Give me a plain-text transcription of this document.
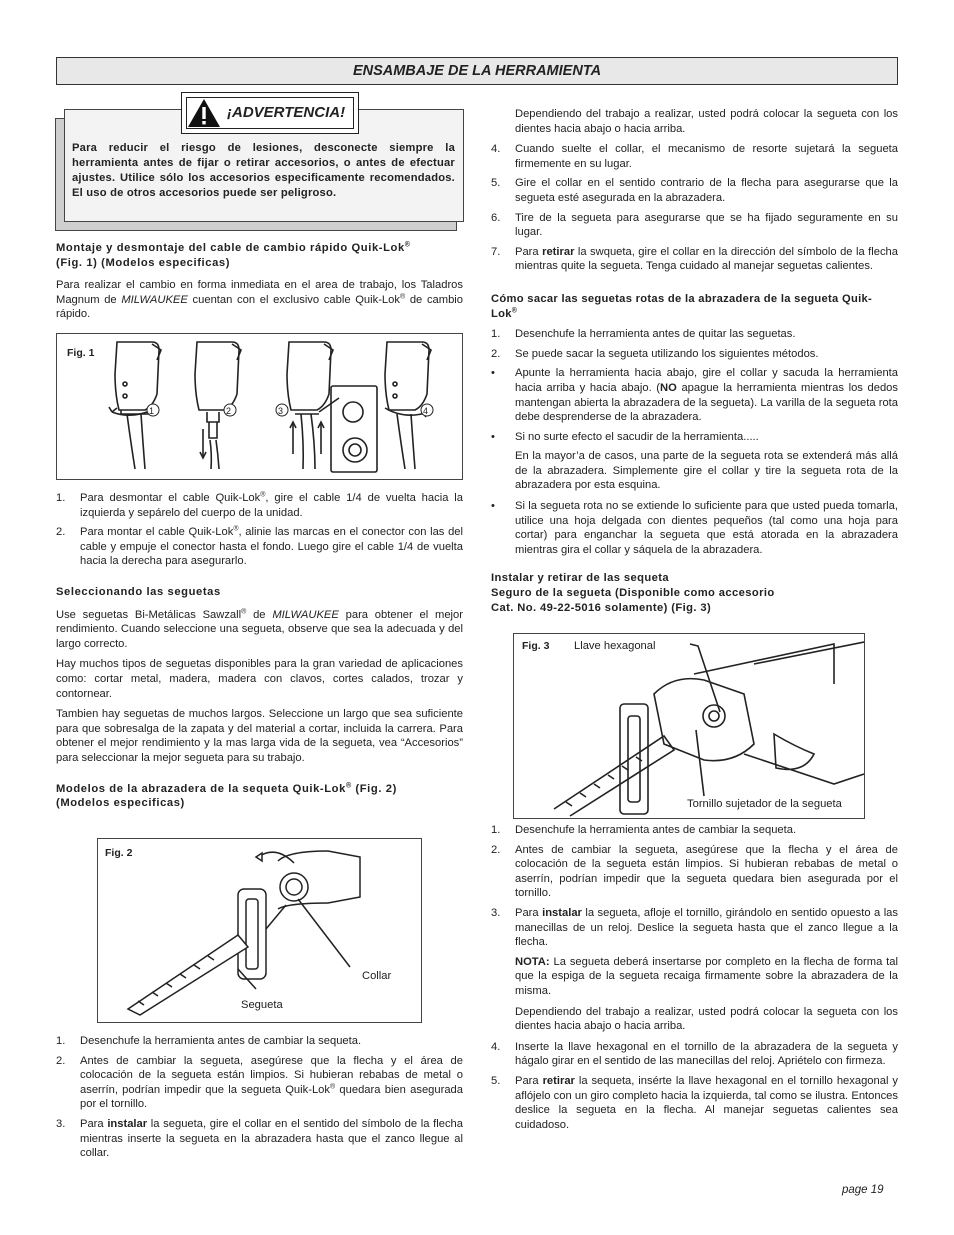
ENSAMBAJE DE LA HERRAMIENTA
¡ADVERTENCIA!
Para reducir el riesgo de lesiones, desconecte siempre la herramienta antes de fijar o retirar accesorios, o antes de efectuar ajustes. Utilice sólo los accesorios especificamente recomendados. El uso de otros accesorios puede ser peligroso.
Montaje y desmontaje del cable de cambio rápido Quik-Lok®
(Fig. 1) (Modelos especificas)
Para realizar el cambio en forma inmediata en el area de trabajo, los Taladros Magnum de MILWAUKEE cuentan con el exclusivo cable Quik-Lok® de cambio rápido.
Fig. 1
1	2	3	4
1.	Para desmontar el cable Quik-Lok®, gire el cable 1/4 de vuelta hacia la izquierda y sepárelo del cuerpo de la unidad.
2.	Para montar el cable Quik-Lok®, alinie las marcas en el conector con las del cable y empuje el conector hasta el fondo. Luego gire el cable 1/4 de vuelta hacia la derecha para asegurarlo.
Seleccionando las seguetas
Use seguetas Bi-Metálicas Sawzall® de MILWAUKEE para obtener el mejor rendimiento. Cuando seleccione una segueta, observe que sea la adecuada y del largo correcto.
Hay muchos tipos de seguetas disponibles para la gran variedad de aplicaciones como: cortar metal, madera, madera con clavos, cortes calados, trozar y contornear.
Tambien hay seguetas de muchos largos. Seleccione un largo que sea suficiente para que sobresalga de la zapata y del material a cortar, incluida la carrera. Para obtener el mejor rendimiento y la mas larga vida de la segueta, vea “Accesorios” para seleccionar la mejor segueta para su trabajo.
Modelos de la abrazadera de la sequeta Quik-Lok® (Fig. 2)
(Modelos especificas)
Fig. 2
Collar
Segueta
1.	Desenchufe la herramienta antes de cambiar la sequeta.
2.	Antes de cambiar la segueta, asegúrese que la flecha y el área de colocación de la segueta están limpios. Si hubieran rebabas de metal o aserrín, podrían impedir que la segueta Quik-Lok® quedara bien asegurada por el tornillo.
3.	Para instalar la segueta, gire el collar en el sentido del símbolo de la flecha mientras inserte la segueta en la abrazadera hasta que el zanco llegue al collar.
Dependiendo del trabajo a realizar, usted podrá colocar la segueta con los dientes hacia abajo o hacia arriba.
4.	Cuando suelte el collar, el mecanismo de resorte sujetará la segueta firmemente en su lugar.
5.	Gire el collar en el sentido contrario de la flecha para asegurarse que la segueta esté asegurada en la abrazadera.
6.	Tire de la segueta para asegurarse que se ha fijado seguramente en su lugar.
7.	Para retirar la swqueta, gire el collar en la dirección del símbolo de la flecha mientras quite la segueta. Tenga cuidado al manejar seguetas calientes.
Cómo sacar las seguetas rotas de la abrazadera de la segueta Quik-Lok®
1.	Desenchufe la herramienta antes de quitar las seguetas.
2.	Se puede sacar la segueta utilizando los siguientes métodos.
•	Apunte la herramienta hacia abajo, gire el collar y sacuda la herramienta hacia arriba y hacia abajo. (NO apague la herramienta mientras los dedos mantengan abierta la abrazadera de la segueta). La varilla de la segueta rota debe desprenderse de la abrazadera.
•	Si no surte efecto el sacudir de la herramienta.....
En la mayor’a de casos, una parte de la segueta rota se extenderá más allá de la abrazadera. Simplemente gire el collar y tire la segueta rota de la abrazadera por esta esquina.
•	Si la segueta rota no se extiende lo suficiente para que usted pueda tomarla, utilice una hoja delgada con dientes pequeños (tal como una hoja para cortar) para enganchar la segueta que está atorada en la abrazadera mientras gira el collar y sáquela de la abrazadera.
Instalar y retirar de las sequeta
Seguro de la segueta (Disponible como accesorio
Cat. No. 49-22-5016 solamente) (Fig. 3)
Fig. 3 Llave hexagonal
Tornillo sujetador de la segueta
1.	Desenchufe la herramienta antes de cambiar la sequeta.
2.	Antes de cambiar la segueta, asegúrese que la flecha y el área de colocación de la segueta están limpios. Si hubieran rebabas de metal o aserrín, podrían impedir que la segueta quedara bien asegurada por el tornillo.
3.	Para instalar la segueta, afloje el tornillo, girándolo en sentido opuesto a las manecillas de un reloj. Deslice la segueta hasta que el zanco llegue a la flecha.
NOTA: La segueta deberá insertarse por completo en la flecha de forma tal que la espiga de la segueta recaiga firmamente sobre la abrazadera de la misma.
Dependiendo del trabajo a realizar, usted podrá colocar la segueta con los dientes hacia abajo o hacia arriba.
4.	Inserte la llave hexagonal en el tornillo de la abrazadera de la segueta y hágalo girar en el sentido de las manecillas del reloj. Apriételo con firmeza.
5.	Para retirar la sequeta, insérte la llave hexagonal en el tornillo hexagonal y aflójelo con un giro completo hacia la izquierda, tal como se ilustra. Entonces deslice la segueta en la flecha. Al manejar seguetas calientes sea cuidadoso.
page 19
